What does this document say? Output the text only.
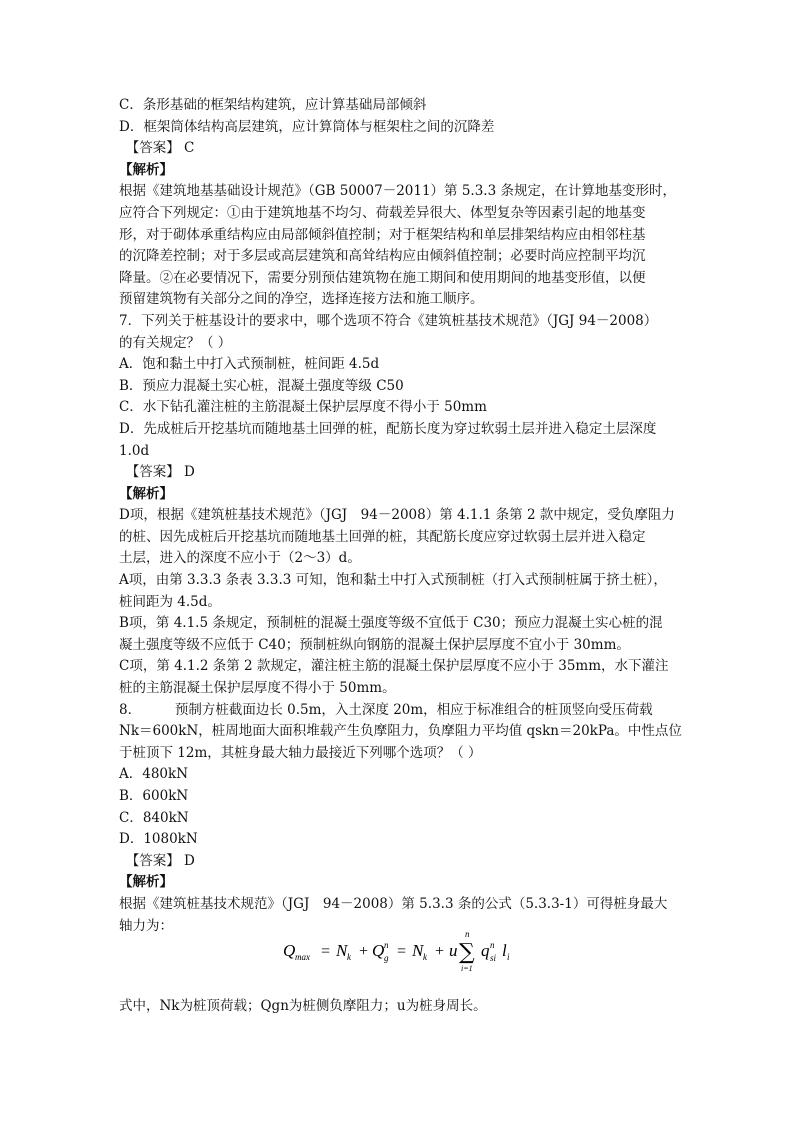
C．条形基础的框架结构建筑，应计算基础局部倾斜
D．框架筒体结构高层建筑，应计算筒体与框架柱之间的沉降差
　【答案】 C
【解析】
根据《建筑地基基础设计规范》（GB 50007－2011）第 5.3.3 条规定，在计算地基变形时，
应符合下列规定：①由于建筑地基不均匀、荷载差异很大、体型复杂等因素引起的地基变
形，对于砌体承重结构应由局部倾斜值控制；对于框架结构和单层排架结构应由相邻柱基
的沉降差控制；对于多层或高层建筑和高耸结构应由倾斜值控制；必要时尚应控制平均沉
降量。②在必要情况下，需要分别预估建筑物在施工期间和使用期间的地基变形值，以便
预留建筑物有关部分之间的净空，选择连接方法和施工顺序。
7．下列关于桩基设计的要求中，哪个选项不符合《建筑桩基技术规范》（JGJ 94－2008）
的有关规定？（ ）
A．饱和黏土中打入式预制桩，桩间距 4.5d
B．预应力混凝土实心桩，混凝土强度等级 C50
C．水下钻孔灌注桩的主筋混凝土保护层厚度不得小于 50mm
D．先成桩后开挖基坑而随地基土回弹的桩，配筋长度为穿过软弱土层并进入稳定土层深度
1.0d
　【答案】 D
【解析】
D项，根据《建筑桩基技术规范》（JGJ　94－2008）第 4.1.1 条第 2 款中规定，受负摩阻力
的桩、因先成桩后开挖基坑而随地基土回弹的桩，其配筋长度应穿过软弱土层并进入稳定
土层，进入的深度不应小于（2～3）d。
A项，由第 3.3.3 条表 3.3.3 可知，饱和黏土中打入式预制桩（打入式预制桩属于挤土桩），
桩间距为 4.5d。
B项，第 4.1.5 条规定，预制桩的混凝土强度等级不宜低于 C30；预应力混凝土实心桩的混
凝土强度等级不应低于 C40；预制桩纵向钢筋的混凝土保护层厚度不宜小于 30mm。
C项，第 4.1.2 条第 2 款规定，灌注桩主筋的混凝土保护层厚度不应小于 35mm，水下灌注
桩的主筋混凝土保护层厚度不得小于 50mm。
8．　　　预制方桩截面边长 0.5m，入土深度 20m，相应于标准组合的桩顶竖向受压荷载
Nk＝600kN，桩周地面大面积堆载产生负摩阻力，负摩阻力平均值 qskn＝20kPa。中性点位
于桩顶下 12m，其桩身最大轴力最接近下列哪个选项？（ ）
A．480kN
B．600kN
C．840kN
D．1080kN
　【答案】 D
【解析】
根据《建筑桩基技术规范》（JGJ　94－2008）第 5.3.3 条的公式（5.3.3-1）可得桩身最大
轴力为：
Q max = N k + Q n
g = N k + u ∑
n
i=1
q n
si l i
式中，Nk为桩顶荷载；Qgn为桩侧负摩阻力；u为桩身周长。
